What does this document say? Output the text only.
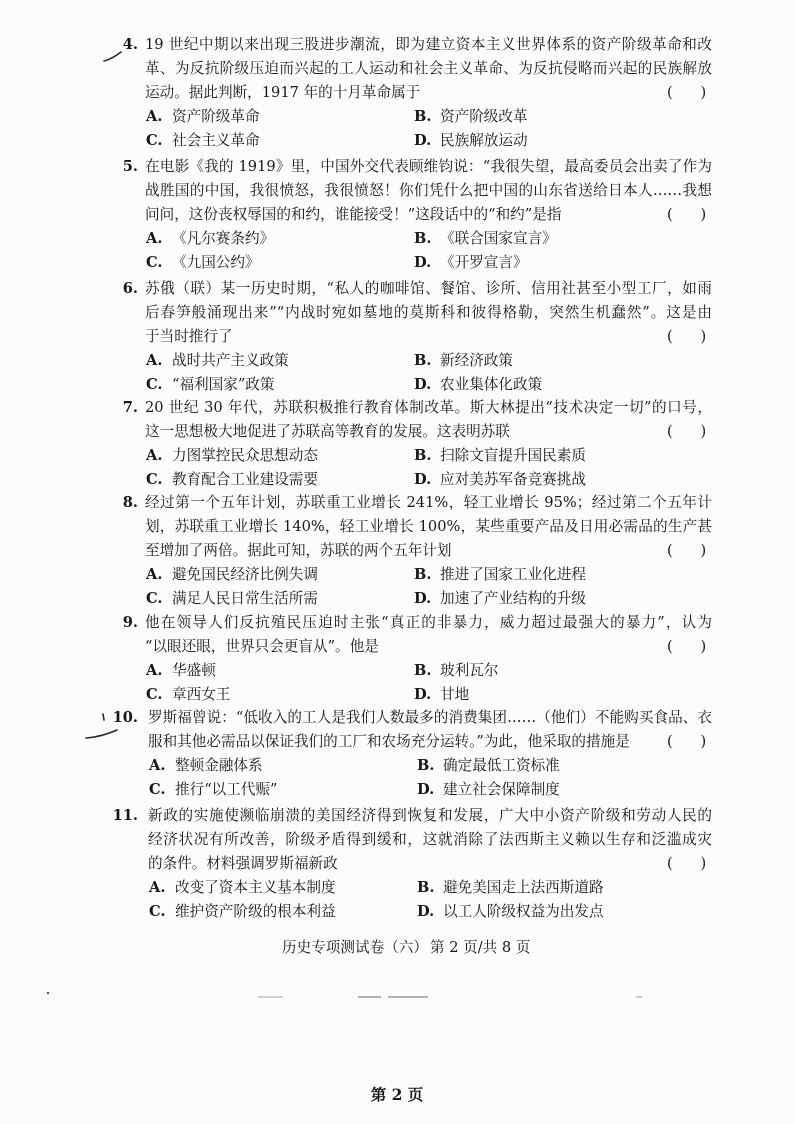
4. 19 世纪中期以来出现三股进步潮流，即为建立资本主义世界体系的资产阶级革命和改
革、为反抗阶级压迫而兴起的工人运动和社会主义革命、为反抗侵略而兴起的民族解放
运动。据此判断，1917 年的十月革命属于	(      )
A. 资产阶级革命	B. 资产阶级改革
C. 社会主义革命	D. 民族解放运动
5. 在电影《我的 1919》里，中国外交代表顾维钧说：“我很失望，最高委员会出卖了作为
战胜国的中国，我很愤怒，我很愤怒！你们凭什么把中国的山东省送给日本人……我想
问问，这份丧权辱国的和约，谁能接受！”这段话中的“和约”是指	(      )
A. 《凡尔赛条约》	B. 《联合国家宣言》
C. 《九国公约》	D. 《开罗宣言》
6. 苏俄（联）某一历史时期，“私人的咖啡馆、餐馆、诊所、信用社甚至小型工厂，如雨
后春笋般涌现出来”“内战时宛如墓地的莫斯科和彼得格勒，突然生机蠢然”。这是由
于当时推行了	(      )
A. 战时共产主义政策	B. 新经济政策
C. “福利国家”政策	D. 农业集体化政策
7. 20 世纪 30 年代，苏联积极推行教育体制改革。斯大林提出“技术决定一切”的口号，
这一思想极大地促进了苏联高等教育的发展。这表明苏联	(      )
A. 力图掌控民众思想动态	B. 扫除文盲提升国民素质
C. 教育配合工业建设需要	D. 应对美苏军备竞赛挑战
8. 经过第一个五年计划，苏联重工业增长 241%，轻工业增长 95%；经过第二个五年计
划，苏联重工业增长 140%，轻工业增长 100%，某些重要产品及日用必需品的生产甚
至增加了两倍。据此可知，苏联的两个五年计划	(      )
A. 避免国民经济比例失调	B. 推进了国家工业化进程
C. 满足人民日常生活所需	D. 加速了产业结构的升级
9. 他在领导人们反抗殖民压迫时主张“真正的非暴力，威力超过最强大的暴力”，认为
“以眼还眼，世界只会更盲从”。他是	(      )
A. 华盛顿	B. 玻利瓦尔
C. 章西女王	D. 甘地
10. 罗斯福曾说：“低收入的工人是我们人数最多的消费集团……（他们）不能购买食品、衣
服和其他必需品以保证我们的工厂和农场充分运转。”为此，他采取的措施是	(      )
A. 整顿金融体系	B. 确定最低工资标准
C. 推行“以工代赈”	D. 建立社会保障制度
11. 新政的实施使濒临崩溃的美国经济得到恢复和发展，广大中小资产阶级和劳动人民的
经济状况有所改善，阶级矛盾得到缓和，这就消除了法西斯主义赖以生存和泛滥成灾
的条件。材料强调罗斯福新政	(      )
A. 改变了资本主义基本制度	B. 避免美国走上法西斯道路
C. 维护资产阶级的根本利益	D. 以工人阶级权益为出发点
历史专项测试卷（六） 第 2 页/共 8 页
第 2 页
